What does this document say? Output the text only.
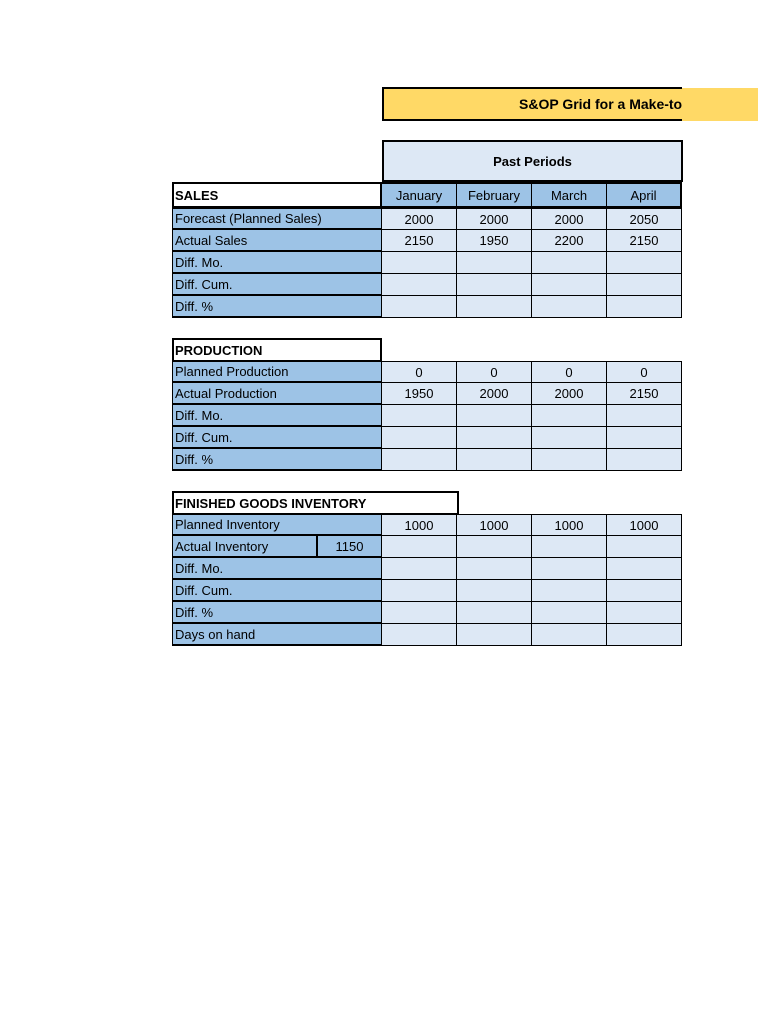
S&OP Grid for a Make-to
Past Periods
SALES	January	February	March	April
Forecast (Planned Sales)	2000	2000	2000	2050
Actual Sales	2150	1950	2200	2150
Diff. Mo.
Diff. Cum.
Diff. %
PRODUCTION
Planned Production	0	0	0	0
Actual Production	1950	2000	2000	2150
Diff. Mo.
Diff. Cum.
Diff. %
FINISHED GOODS INVENTORY
Planned Inventory	1000	1000	1000	1000
Actual Inventory	1150
Diff. Mo.
Diff. Cum.
Diff. %
Days on hand
